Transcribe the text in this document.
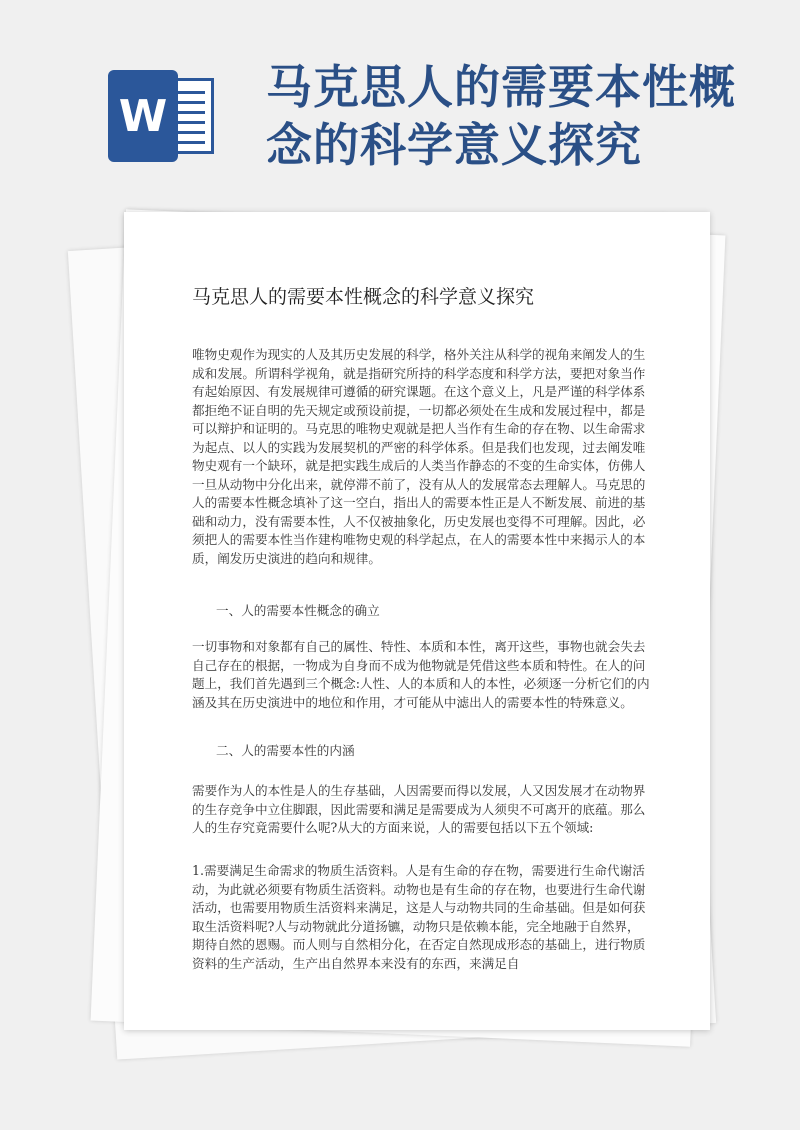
W
马克思人的需要本性概念的科学意义探究
马克思人的需要本性概念的科学意义探究

唯物史观作为现实的人及其历史发展的科学，格外关注从科学的视角来阐发人的生成和发展。所谓科学视角，就是指研究所持的科学态度和科学方法，要把对象当作有起始原因、有发展规律可遵循的研究课题。在这个意义上，凡是严谨的科学体系都拒绝不证自明的先天规定或预设前提，一切都必须处在生成和发展过程中，都是可以辩护和证明的。马克思的唯物史观就是把人当作有生命的存在物、以生命需求为起点、以人的实践为发展契机的严密的科学体系。但是我们也发现，过去阐发唯物史观有一个缺环，就是把实践生成后的人类当作静态的不变的生命实体，仿佛人一旦从动物中分化出来，就停滞不前了，没有从人的发展常态去理解人。马克思的人的需要本性概念填补了这一空白，指出人的需要本性正是人不断发展、前进的基础和动力，没有需要本性，人不仅被抽象化，历史发展也变得不可理解。因此，必须把人的需要本性当作建构唯物史观的科学起点，在人的需要本性中来揭示人的本质，阐发历史演进的趋向和规律。

一、人的需要本性概念的确立

一切事物和对象都有自己的属性、特性、本质和本性，离开这些，事物也就会失去自己存在的根据，一物成为自身而不成为他物就是凭借这些本质和特性。在人的问题上，我们首先遇到三个概念:人性、人的本质和人的本性，必须逐一分析它们的内涵及其在历史演进中的地位和作用，才可能从中滤出人的需要本性的特殊意义。

二、人的需要本性的内涵

需要作为人的本性是人的生存基础，人因需要而得以发展，人又因发展才在动物界的生存竞争中立住脚跟，因此需要和满足是需要成为人须臾不可离开的底蕴。那么人的生存究竟需要什么呢?从大的方面来说，人的需要包括以下五个领域:

1.需要满足生命需求的物质生活资料。人是有生命的存在物，需要进行生命代谢活动，为此就必须要有物质生活资料。动物也是有生命的存在物，也要进行生命代谢活动，也需要用物质生活资料来满足，这是人与动物共同的生命基础。但是如何获取生活资料呢?人与动物就此分道扬镳，动物只是依赖本能，完全地融于自然界，期待自然的恩赐。而人则与自然相分化，在否定自然现成形态的基础上，进行物质资料的生产活动，生产出自然界本来没有的东西，来满足自
